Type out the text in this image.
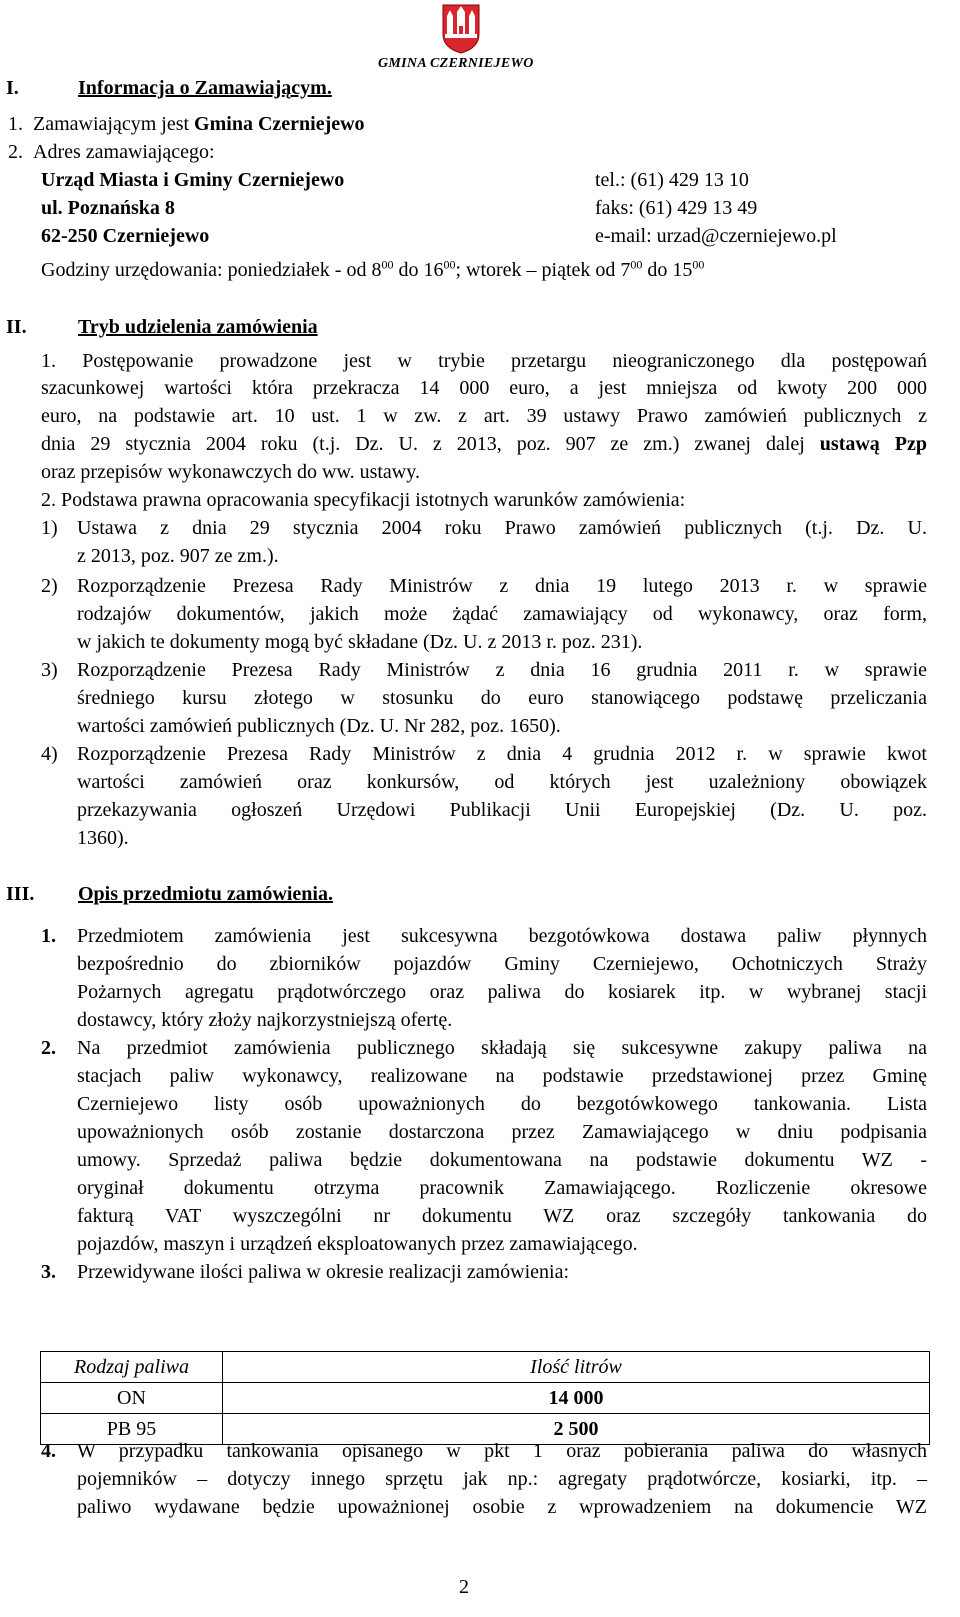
GMINA CZERNIEJEWO
I.	Informacja o Zamawiającym.
1. Zamawiającym jest Gmina Czerniejewo
2. Adres zamawiającego:
Urząd Miasta i Gminy Czerniejewo	tel.: (61) 429 13 10
ul. Poznańska 8	faks: (61) 429 13 49
62-250 Czerniejewo	e-mail: urzad@czerniejewo.pl
Godziny urzędowania: poniedziałek - od $8^{00}$ do $16^{00}$; wtorek – piątek od $7^{00}$ do $15^{00}$
II.	Tryb udzielenia zamówienia
1. Postępowanie prowadzone jest w trybie przetargu nieograniczonego dla postępowań
szacunkowej wartości która przekracza 14 000 euro, a jest mniejsza od kwoty 200 000
euro, na podstawie art. 10 ust. 1 w zw. z art. 39 ustawy Prawo zamówień publicznych z
dnia 29 stycznia 2004 roku (t.j. Dz. U. z 2013, poz. 907 ze zm.) zwanej dalej ustawą Pzp
oraz przepisów wykonawczych do ww. ustawy.
2. Podstawa prawna opracowania specyfikacji istotnych warunków zamówienia:
1) Ustawa z dnia 29 stycznia 2004 roku Prawo zamówień publicznych (t.j. Dz. U.
z 2013, poz. 907 ze zm.).
2) Rozporządzenie Prezesa Rady Ministrów z dnia 19 lutego 2013 r. w sprawie
rodzajów dokumentów, jakich może żądać zamawiający od wykonawcy, oraz form,
w jakich te dokumenty mogą być składane (Dz. U. z 2013 r. poz. 231).
3) Rozporządzenie Prezesa Rady Ministrów z dnia 16 grudnia 2011 r. w sprawie
średniego kursu złotego w stosunku do euro stanowiącego podstawę przeliczania
wartości zamówień publicznych (Dz. U. Nr 282, poz. 1650).
4) Rozporządzenie Prezesa Rady Ministrów z dnia 4 grudnia 2012 r. w sprawie kwot
wartości zamówień oraz konkursów, od których jest uzależniony obowiązek
przekazywania ogłoszeń Urzędowi Publikacji Unii Europejskiej (Dz. U. poz.
1360).
III. Opis przedmiotu zamówienia.
1. Przedmiotem zamówienia jest sukcesywna bezgotówkowa dostawa paliw płynnych
bezpośrednio do zbiorników pojazdów Gminy Czerniejewo, Ochotniczych Straży
Pożarnych agregatu prądotwórczego oraz paliwa do kosiarek itp. w wybranej stacji
dostawcy, który złoży najkorzystniejszą ofertę.
2. Na przedmiot zamówienia publicznego składają się sukcesywne zakupy paliwa na
stacjach paliw wykonawcy, realizowane na podstawie przedstawionej przez Gminę
Czerniejewo listy osób upoważnionych do bezgotówkowego tankowania. Lista
upoważnionych osób zostanie dostarczona przez Zamawiającego w dniu podpisania
umowy. Sprzedaż paliwa będzie dokumentowana na podstawie dokumentu WZ -
oryginał dokumentu otrzyma pracownik Zamawiającego. Rozliczenie okresowe
fakturą VAT wyszczególni nr dokumentu WZ oraz szczegóły tankowania do
pojazdów, maszyn i urządzeń eksploatowanych przez zamawiającego.
3. Przewidywane ilości paliwa w okresie realizacji zamówienia:
Rodzaj paliwa	Ilość litrów
ON	14 000
PB 95	2 500
4. W przypadku tankowania opisanego w pkt 1 oraz pobierania paliwa do własnych
pojemników – dotyczy innego sprzętu jak np.: agregaty prądotwórcze, kosiarki, itp. –
paliwo wydawane będzie upoważnionej osobie z wprowadzeniem na dokumencie WZ
2
